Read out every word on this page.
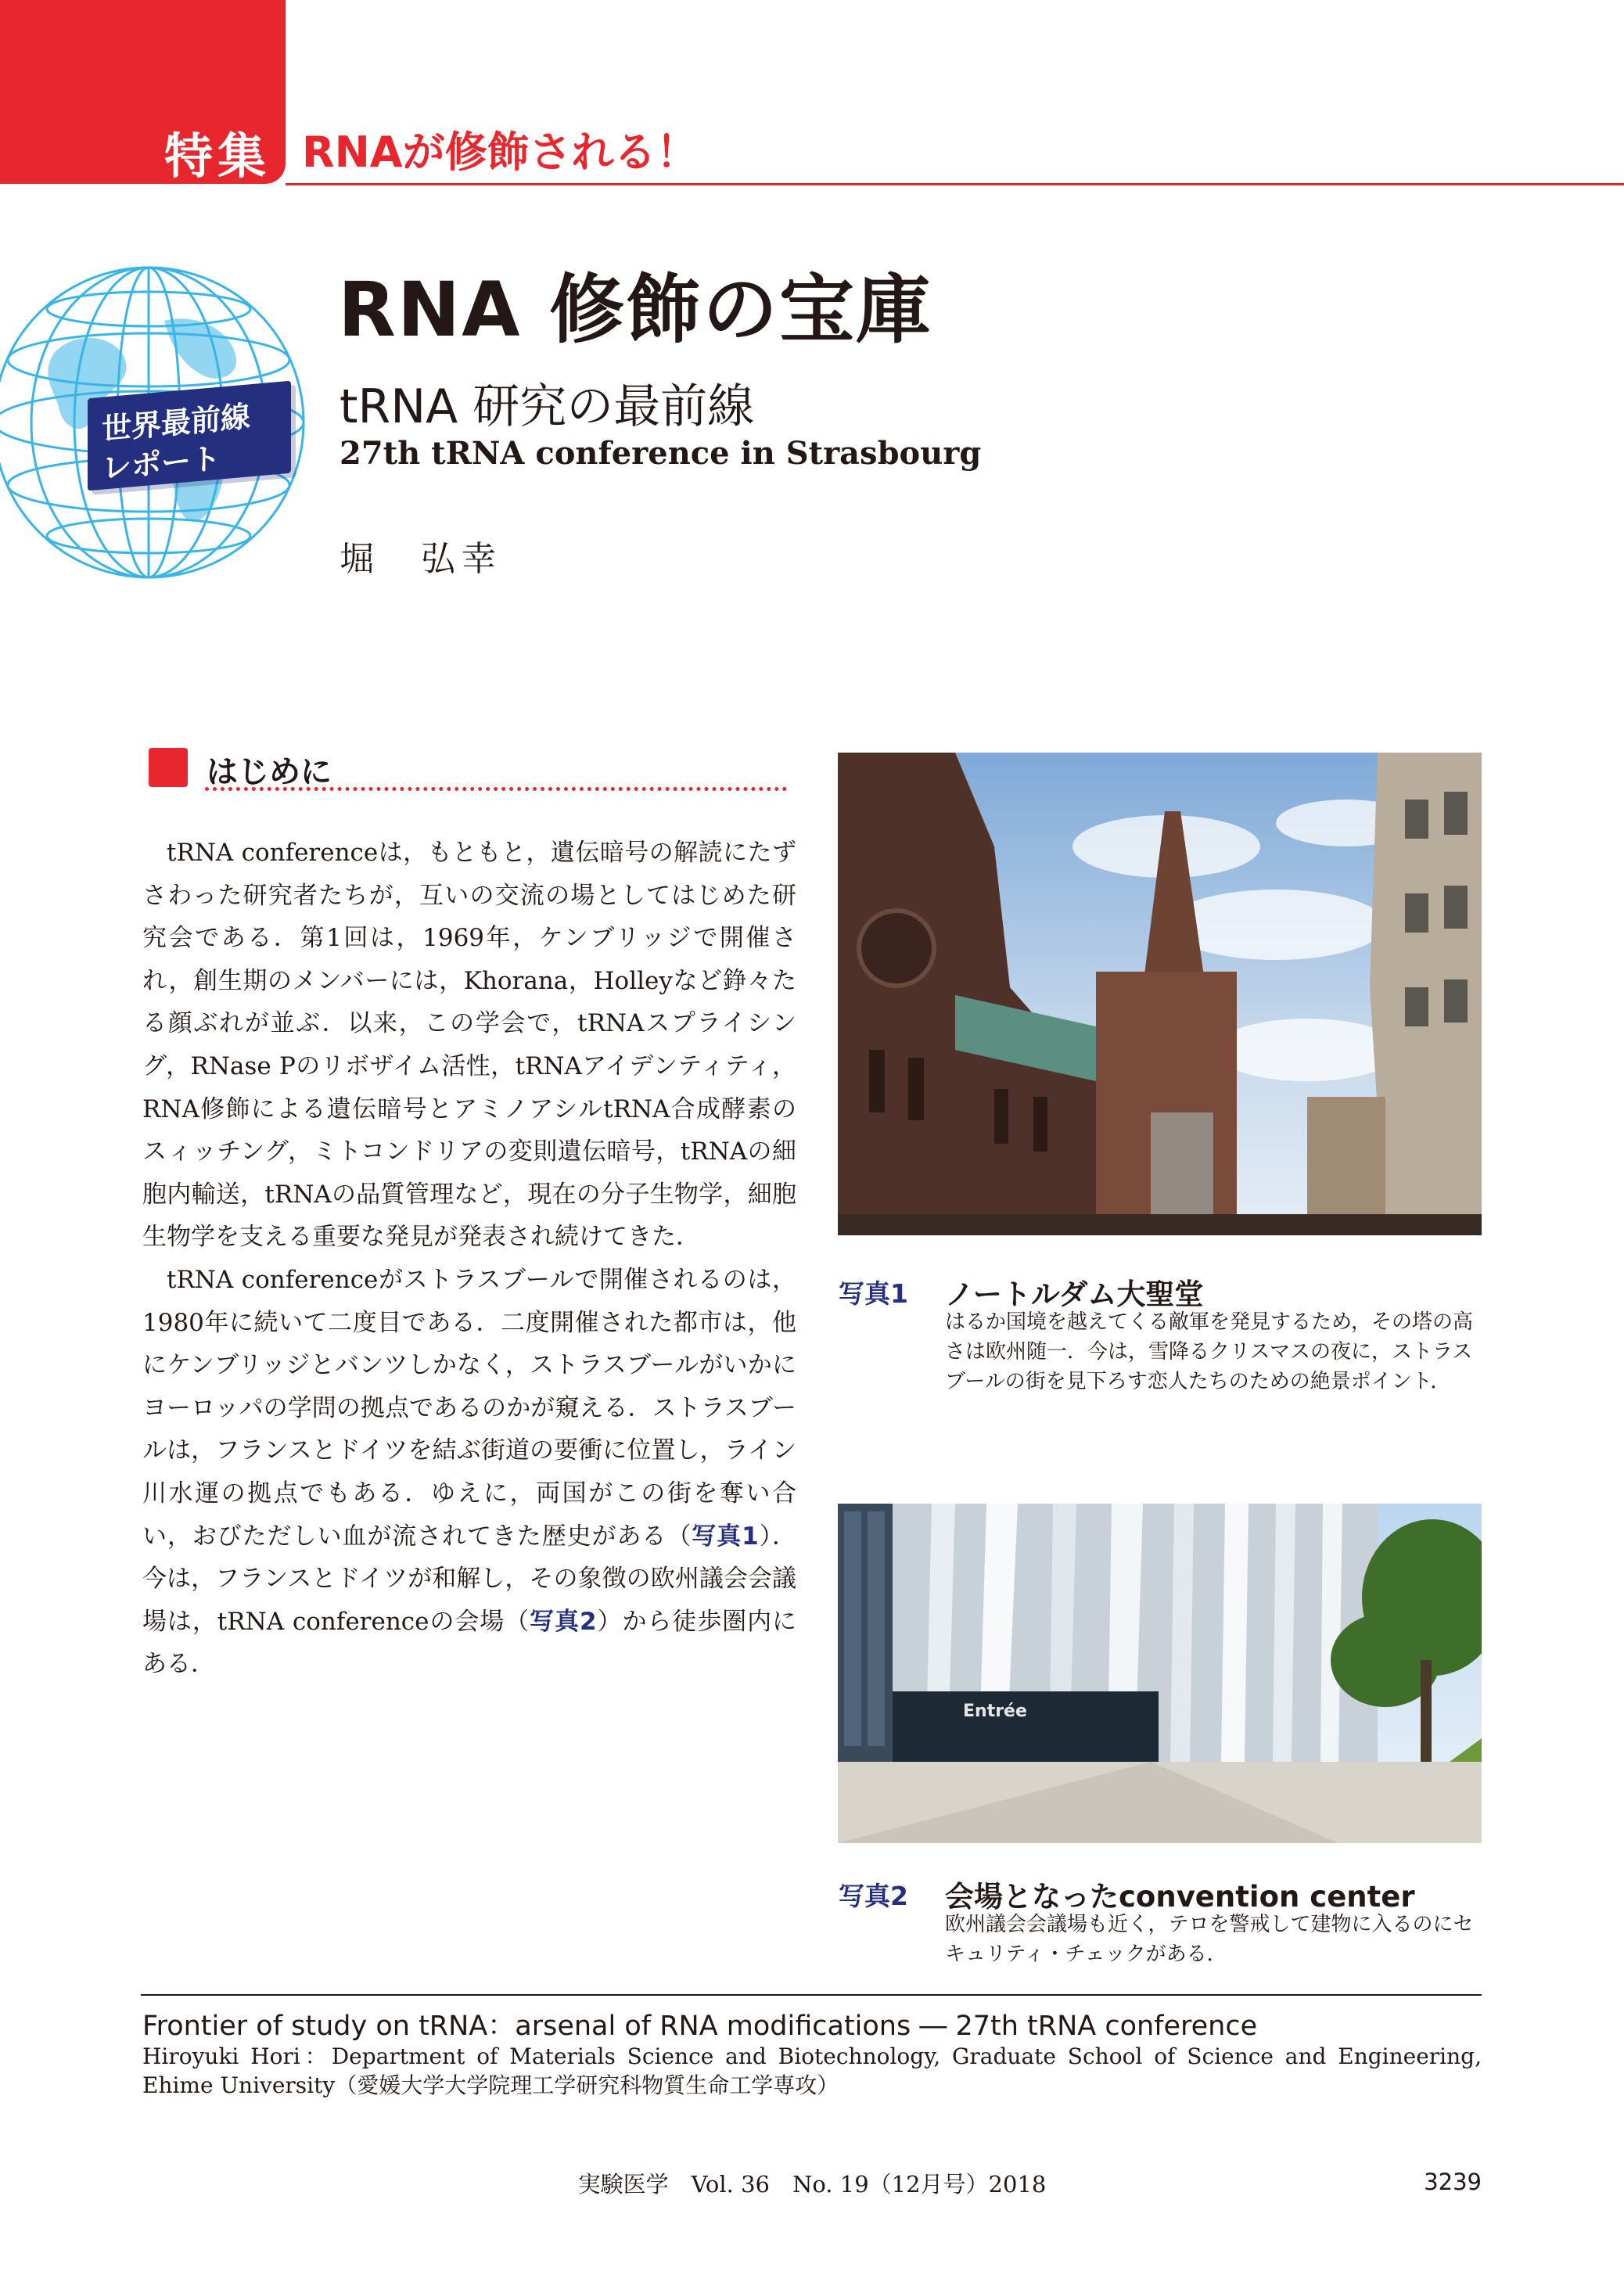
特集 RNAが修飾される！
世界最前線
レポート
RNA 修飾の宝庫
tRNA 研究の最前線
27th tRNA conference in Strasbourg
堀　弘幸
はじめに

tRNA conferenceは，もともと，遺伝暗号の解読にたずさわった研究者たちが，互いの交流の場としてはじめた研究会である．第1回は，1969年，ケンブリッジで開催され，創生期のメンバーには，Khorana，Holleyなど錚々たる顔ぶれが並ぶ．以来，この学会で，tRNAスプライシング，RNase Pのリボザイム活性，tRNAアイデンティティ，RNA修飾による遺伝暗号とアミノアシルtRNA合成酵素のスィッチング，ミトコンドリアの変則遺伝暗号，tRNAの細胞内輸送，tRNAの品質管理など，現在の分子生物学，細胞生物学を支える重要な発見が発表され続けてきた．

tRNA conferenceがストラスブールで開催されるのは，1980年に続いて二度目である．二度開催された都市は，他にケンブリッジとバンツしかなく，ストラスブールがいかにヨーロッパの学問の拠点であるのかが窺える．ストラスブールは，フランスとドイツを結ぶ街道の要衝に位置し，ライン川水運の拠点でもある．ゆえに，両国がこの街を奪い合い，おびただしい血が流されてきた歴史がある（写真1）．今は，フランスとドイツが和解し，その象徴の欧州議会会議場は，tRNA conferenceの会場（写真2）から徒歩圏内にある．

写真1 ノートルダム大聖堂
はるか国境を越えてくる敵軍を発見するため，その塔の高さは欧州随一．今は，雪降るクリスマスの夜に，ストラスブールの街を見下ろす恋人たちのための絶景ポイント．
Entrée
写真2 会場となったconvention center
欧州議会会議場も近く，テロを警戒して建物に入るのにセキュリティ・チェックがある．
Frontier of study on tRNA：arsenal of RNA modifications ― 27th tRNA conference
Hiroyuki Hori：Department of Materials Science and Biotechnology, Graduate School of Science and Engineering, Ehime University（愛媛大学大学院理工学研究科物質生命工学専攻）
実験医学　Vol. 36　No. 19（12月号）2018	3239
